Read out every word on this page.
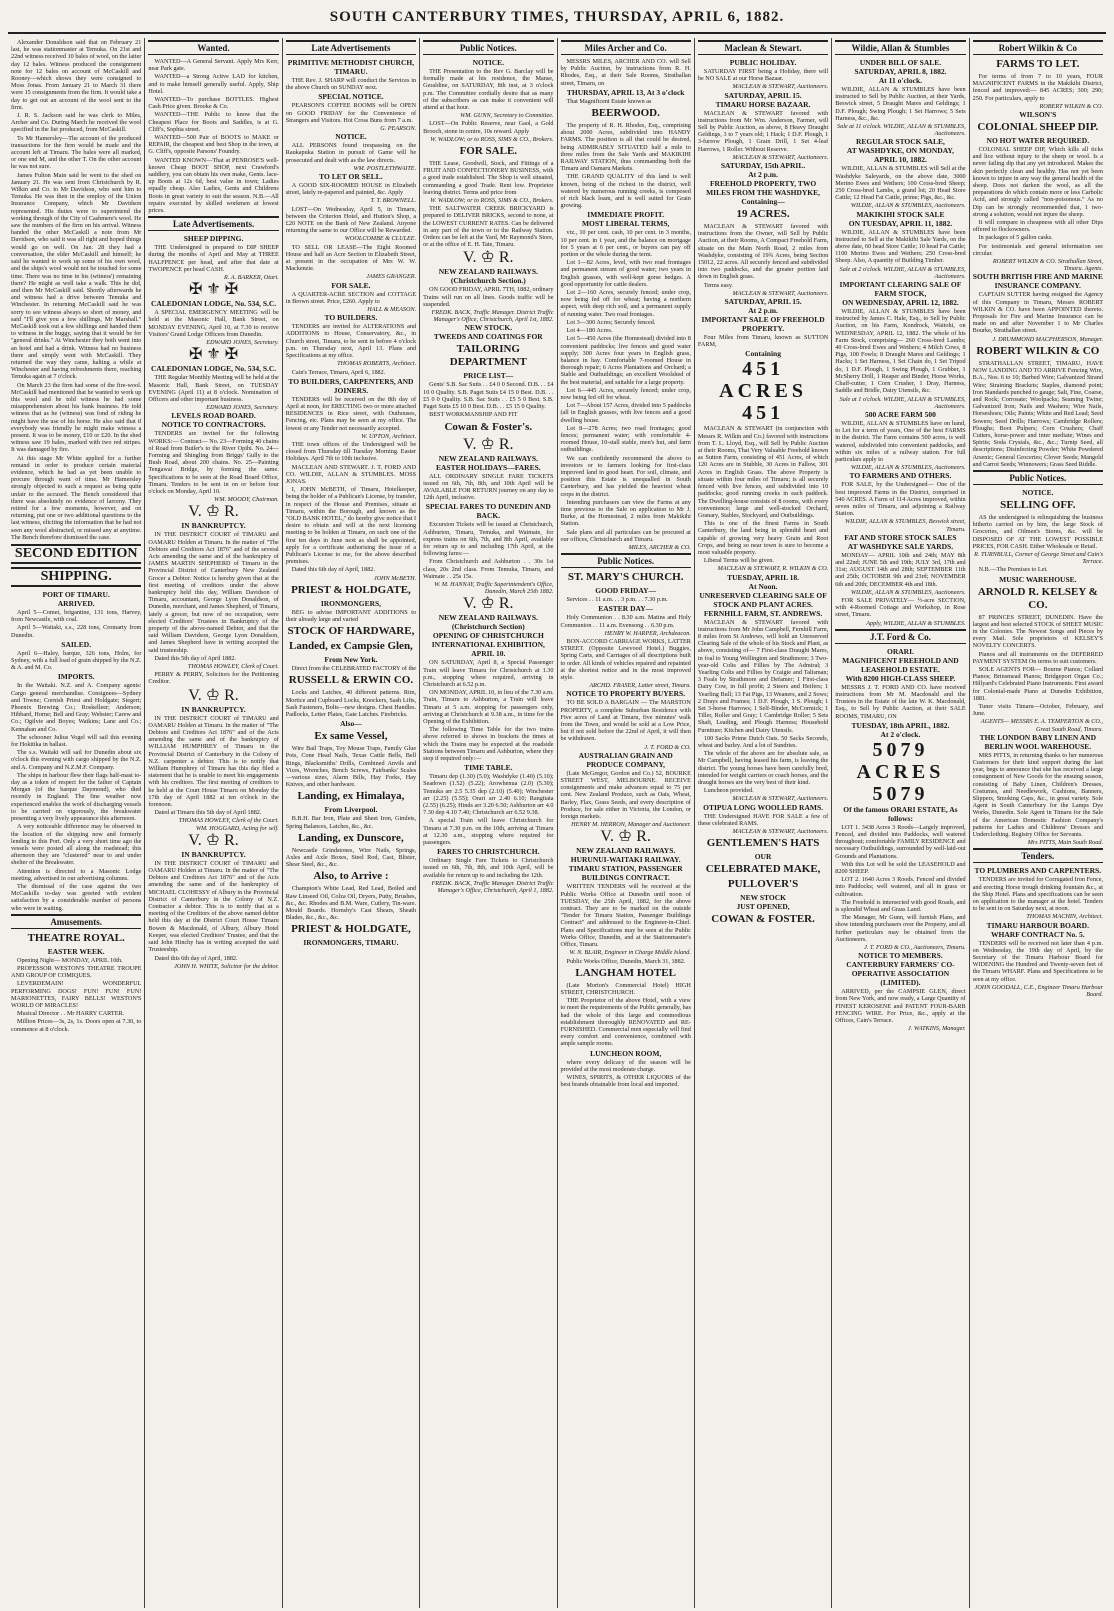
SOUTH CANTERBURY TIMES, THURSDAY, APRIL 6, 1882.
Alexander Donaldson said that on February 21 last, he was stationmaster at Temuka. On 21st and 22nd witness received 10 bales of wool, on the latter day 12 bales. Witness produced the consignment note for 12 bales on account of McCaskill and Rooney—which shows they were consigned to Moss Jonas. From January 21 to March 31 there were 15 consignments from the firm. It would take a day to get out an account of the wool sent to the firm.
J. R. S. Jackson said he was clerk to Miles, Archer and Co. During March he received the wool specified in the list produced, from McCaskill.
To Mr Hamersley—The account of the produced transactions for the firm would be made and the account left at Timaru. The bales were all marked, or one end M, and the other T. On the other account he was not sure.
James Fulton Main said he went to the shed on January 21. He was sent from Christchurch by R. Wilkin and Co. to Mr Davidson, who sent him to Temuka. He was then in the employ of the Union Insurance Company, which Mr Davidson represented. His duties were to superintend the working through of the City of Cashmere's wool. He saw the numbers of the firm on his arrival. Witness handed the other McCaskill a note from Mr Davidson, who said it was all right and hoped things would go on well. On Jan. 28 they had a conversation, the elder McCaskill and himself; he said he wanted to work up some of his own wool, and the ships's wool would not be touched for some time. There was no time in his (witness') remaining there? He might as well take a walk. This he did, and then Mr McCaskill said. Shortly afterwards he and witness had a drive between Temuka and Winchester. In returning McCaskill said he was sorry to see witness always so short of money, and said "I'll give you a few shillings, Mr Marshall." McCaskill took out a few shillings and handed them to witness in the buggy, saying that it would be for "general drinks." At Winchester they both went into an hotel and had a drink. Witness had no business there and simply went with McCaskill. They returned the way they came, halting a while at Winchester and having refreshments there, reaching Temuka again at 7 o'clock.
On March 23 the firm had some of the fire-wool. McCaskill had mentioned that he wanted to work up this wool and he told witness he had some misapprehension about his bank business. He told witness that as he (witness) was fond of riding he might have the use of his horse. He also said that if everybody was friendly he might make witness a present. It was to be money, £10 or £20. In the shed witness saw 19 bales, marked with two red stripes. It was damaged by fire.
At this stage Mr White applied for a further remand in order to produce certain material evidence, which he had as yet been unable to procure through want of time. Mr Hamersley strongly objected to such a request as being quite unfair to the accused. The Bench considered that there was absolutely no evidence of larceny. They retired for a few moments, however, and on returning, put one or two additional questions to the last witness, eliciting the information that he had not seen any wool abstracted, or missed any at anytime. The Bench therefore dismissed the case.
SECOND EDITION
SHIPPING.
PORT OF TIMARU.
ARRIVED.
April 5—Comet, brigantine, 131 tons, Harvey, from Newcastle, with coal.
April 5—Waitaki, s.s., 228 tons, Cromarty from Dunedin.
SAILED.
April 6—Haley, barque, 326 tons, Holm, for Sydney, with a full load of grain shipped by the N.Z. & A. and M. Co.
IMPORTS.
In the Waitaki. N.Z. and A. Company agents: Cargo general merchandise. Consignees—Sydney and Towne; Cornish Priest and Holdgate; Siegert; Phoenix Brewing Co.; Roskelleer; Anderson; Hibbard, Horne; Bell and Gray; Webster; Carew and Co.; Ogilvie and Boyes; Watkins; Lane and Co.; Kennahan and Co.
The schooner Julius Vogel will sail this evening for Hokitika in ballast.
The s.s. Waitaki will sail for Dunedin about six o'clock this evening with cargo shipped by the N.Z. and A. Company and N.Z.M.F. Company.
The ships in harbour flew their flags half-mast to-day as a token of respect for the father of Captain Morgan (of the barque Daymond), who died recently in England. The fine weather now experienced enables the work of discharging vessels to be carried on vigorously, the breakwater presenting a very lively appearance this afternoon.
A very noticeable difference may be observed in the location of the shipping now and formerly lending to this Port. Only a very short time ago the vessels were posted all along the roadstead; this afternoon they are "clustered" near to and under shelter of the Breakwater.
Attention is directed to a Masonic Lodge meeting, advertised in our advertising columns.
The dismissal of the case against the two McCaskills to-day was greeted with evident satisfaction by a considerable number of persons who were in waiting.
Amusements.
THEATRE ROYAL.
EASTER WEEK.
Opening Night— MONDAY, APRIL 10th.
PROFESSOR WESTON'S THEATRE TROUPE AND GROUP OF COMIQUES.
LEVERDEMAIN! WONDERFUL PERFORMING DOGS! FUN! FUN! FUN! MARIONETTES, FAIRY BELLS! WESTON'S WORLD OF MIRACLES!
Musical Director . . Mr HARRY CARTER.
Million Prices—3s, 2s, 1s. Doors open at 7.30, to commence at 8 o'clock.
Wanted.
WANTED—A General Servant. Apply Mrs Kerr, near Park gate.
WANTED—a Strong Active LAD for kitchen, and to make himself generally useful. Apply, Ship Hotel.
WANTED—To purchase BOTTLES. Highest Cash Price given. Brooke & Co.
WANTED—THE Public to know that the Cheapest Place for Boots and Saddles, is at G. Cliff's, Sophia street.
WANTED—500 Pair of BOOTS to MAKE or REPAIR, the cheapest and best Shop in the town, at G. Cliff's, opposite Parsons' Foundry.
WANTED KNOWN—That at PENROSE'S well-known Cheap BOOT SHOP, next Crawford's saddlery, you can obtain his own make, Gents. lace-up Boots at 12s 6d, best value in town; Ladies equally cheap. Also Ladies, Gents and Childrens Boots in great variety to suit the season. N.B.—All repairs executed by skilled workmen at lowest prices.
Late Advertisements.
SHEEP DIPPING.
THE Undersigned is prepared to DIP SHEEP during the months of April and May at THREE HALFPENCE per head, and after that date at TWOPENCE per head CASH.
R. A. BARKER, Otari.
✠ ⚜ ✠
CALEDONIAN LODGE, No. 534, S.C.
A SPECIAL EMERGENCY MEETING will be held at the Masonic Hall, Bank Street, on MONDAY EVENING, April 10, at 7.30 to receive Visitors' Grand Lodge Officers from Dunedin.
EDWARD JONES, Secretary.
✠ ⚜ ✠
CALEDONIAN LODGE, No. 534, S.C.
THE Regular Monthly Meeting will be held at the Masonic Hall, Bank Street, on TUESDAY EVENING (April 11) at 8 o'clock. Nomination of Officers and other important business.
EDWARD JONES, Secretary.
LEVELS ROAD BOARD.
NOTICE TO CONTRACTORS.
TENDERS are invited for the following WORKS:— Contract— No. 23—Forming 40 chains of Road from Butler's to the River Opihi. No. 24—Forming and Shingling from Briggs' Gully to the Bush Road, about 200 chains. No. 25—Painting Tengawai Bridge, by forming the same. Specifications to be seen at the Road Board Office, Timaru. Tenders to be sent in on or before four o'clock on Monday, April 10.
WM. MOODY, Chairman.
V. ♔ R.
IN BANKRUPTCY.
IN THE DISTRICT COURT of TIMARU and OAMARU Holden at Timaru. In the matter of "The Debtors and Creditors Act 1876" and of the several Acts amending the same and of the bankruptcy of JAMES MARTIN SHEPHERD of Timaru in the Provincial District of Canterbury New Zealand Grocer a Debtor. Notice is hereby given that at the first meeting of creditors under the above bankruptcy held this day, William Davidson of Timaru, accountant, George Lyon Donaldson, of Dunedin, merchant, and James Shepherd, of Timaru, lately a grocer, but now of no occupation, were elected Creditors' Trustees in Bankruptcy of the property of the above-named Debtor, and that the said William Davidson, George Lyon Donaldson, and James Shepherd have in writing accepted the said trusteeship.
Dated this 5th day of April 1882.
THOMAS HOWLEY, Clerk of Court.
PERRY & PERRY, Solicitors for the Petitioning Creditor.
V. ♔ R.
IN BANKRUPTCY.
IN THE DISTRICT COURT of TIMARU and OAMARU Holden at Timaru. In the matter of "The Debtors and Creditors Act 1876" and of the Acts amending the same and of the bankruptcy of WILLIAM HUMPHREY of Timaru in the Provincial District of Canterbury in the Colony of N.Z. carpenter a debtor. This is to notify that William Humphrey of Timaru has this day filed a statement that he is unable to meet his engagements with his creditors. The first meeting of creditors to be held at the Court House Timaru on Monday the 17th day of April 1882 at ten o'clock in the forenoon.
Dated at Timaru this 5th day of April 1882.
THOMAS HOWLEY, Clerk of the Court.
WM. HOGGARD, Acting for self.
V. ♔ R.
IN BANKRUPTCY.
IN THE DISTRICT COURT of TIMARU and OAMARU Holden at Timaru. In the matter of "The Debtors and Creditors Act 1876" and of the Acts amending the same and of the bankruptcy of MICHAEL CLOHESSY of Albury in the Provincial District of Canterbury in the Colony of N.Z. Contractor a debtor. This is to notify that at a meeting of the Creditors of the above named debtor held this day at the District Court House Timaru Bowen & Macdonald, of Albury, Albury Hotel Keeper, was elected Creditors' Trustee, and that the said John Hinchy has in writing accepted the said Trusteeship.
Dated this 6th day of April, 1882.
JOHN H. WHITE, Solicitor for the debtor.
Late Advertisements
PRIMITIVE METHODIST CHURCH, TIMARU.
THE Rev. J. SHARP will conduct the Services in the above Church on SUNDAY next.
SPECIAL NOTICE.
PEARSON'S COFFEE ROOMS will be OPEN on GOOD FRIDAY for the Convenience of Strangers and Visitors. Hot Cross Buns from 7 a.m.
G. PEARSON.
NOTICE.
ALL PERSONS found trespassing on the Raukapuka Station in pursuit of Game will be prosecuted and dealt with as the law directs.
WM. POSTLETHWAITE.
TO LET OR SELL.
A GOOD SIX-ROOMED HOUSE in Elizabeth street, lately re-papered and painted, &c. Apply
T. T. BROWNELL.
LOST—On Wednesday, April 5, in Timaru, between the Criterion Hotel, and Hutton's Shop, a £20 NOTE on the Bank of New Zealand. Anyone returning the same to our Office will be Rewarded.
WOOLCOMBE & CLULEE.
TO SELL OR LEASE—The Eight Roomed House and half an Acre Section in Elizabeth Street, at present in the occupation of Mrs W. W. Mackenzie.
JAMES GRANGER.
FOR SALE.
A QUARTER-ACRE SECTION and COTTAGE in Brown street. Price, £260. Apply to
HALL & MEASON.
TO BUILDERS.
TENDERS are invited for ALTERATIONS and ADDITIONS to House, Conservatory, &c., in Church street, Timaru, to be sent in before 4 o'clock p.m. on Thursday next, April 13. Plans and Specifications at my office.
THOMAS ROBERTS, Architect.
Cain's Terrace, Timaru, April 6, 1882.
TO BUILDERS, CARPENTERS, AND JOINERS.
TENDERS will be received on the 8th day of April at noon, for ERECTING two or more attached RESIDENCES in Rice street, with Outhouses, Fencing, etc. Plans may be seen at my office. The lowest or any Tender not necessarily accepted.
W. UPTON, Architect.
THE town offices of the Undersigned will be closed from Thursday till Tuesday Morning. Easter Holidays. April 7th to 10th inclusive.
MACLEAN AND STEWART. J. T. FORD AND CO. WILDIE, ALLAN & STUMBLES. MOSS JONAS.
I, JOHN McBETH, of Timaru, Hotelkeeper, being the holder of a Publican's License, by transfer, in respect of the House and Premises, situate at Timaru, within the Borough, and known as the "OLD BANK HOTEL," do hereby give notice that I desire to obtain and will at the next licensing meeting to be holden at Timaru, on such one of the first ten days in June next as shall be appointed, apply for a certificate authorising the issue of a Publican's License to me, for the above described premises.
Dated this 6th day of April, 1882.
JOHN McBETH.
PRIEST & HOLDGATE,
IRONMONGERS,
BEG to advise IMPORTANT ADDITIONS to their already large and varied
STOCK OF HARDWARE,
Landed, ex Campsie Glen,
From New York.
Direct from the CELEBRATED FACTORY of the
RUSSELL & ERWIN CO.
Locks and Latches, 40 different patterns. Rim, Mortice and Cupboard Locks, Knockers, Sash Lifts, Sash Fasteners, Bolts—new designs. Chest Handles. Padlocks, Letter Plates, Gate Latches. Firebricks.
Also—
Ex same Vessel,
Wire Bail Traps, Toy Mouse Traps, Family Glue Pots, Cone Head Nails, Texas Cattle Bells, Bell Rings, Blacksmiths' Drills, Combined Anvils and Vices, Wrenches, Bench Screws, Fairbanks' Scales—various sizes, Alarm Bills, Hay Forks, Hay Knives, and other hardware.
Landing, ex Himalaya,
From Liverpool.
B.B.H. Bar Iron, Plate and Sheet Iron, Gimlets, Spring Balances, Latches, &c., &c.
Landing, ex Dunscore,
Newcastle Grindstones, Wire Nails, Springs, Axles and Axle Boxes, Steel Rod, Cast, Blister, Shear Steel, &c., &c.
Also, to Arrive :
Champion's White Lead, Red Lead, Boiled and Raw Linseed Oil, Colza Oil, Dryers, Putty, Brushes, &c., &c. Rhodes and B.M. Ware, Cutlery, Tin-ware. Mould Boards. Hornsby's Cast Shears, Sheath Blades, &c., &c., &c.
PRIEST & HOLDGATE,
IRONMONGERS, TIMARU.
Public Notices.
NOTICE.
THE Presentation to the Rev G. Barclay will be formally made at his residence, the Manse, Geraldine, on SATURDAY, 8th inst, at 3 o'clock p.m. The Committee cordially desire that as many of the subscribers as can make it convenient will attend at that hour.
WM. GUNN, Secretary to Committee.
LOST—On Public Reserve, near Gaol, a Gold Brooch, stone in centre, 10s reward. Apply
W. WADLOW; or to ROSS, SIMS & CO., Brokers.
FOR SALE.
THE Lease, Goodwill, Stock, and Fittings of a FRUIT AND CONFECTIONERY BUSINESS, with a good trade established. The Shop is well situated, commanding a good Trade. Rent low. Proprietor leaving district. Terms and price from
W. WADLOW; or to ROSS, SIMS & CO., Brokers.
THE SALTWATER CREEK BRICKYARD is prepared to DELIVER BRICKS, second to none, at the LOWEST CURRENT RATES. Can be delivered in any part of the town or to the Railway Station. Orders can be left at the Yard, Mr Raymond's Store, or at the office of E. H. Tate, Timaru.
V. ♔ R.
NEW ZEALAND RAILWAYS.
(Christchurch Section.)
ON GOOD FRIDAY, APRIL 7TH, 1882, ordinary Trains will run on all lines. Goods traffic will be suspended.
FREDK. BACK, Traffic Manager. District Traffic Manager's Office, Christchurch, April 1st, 1882.
NEW STOCK.
TWEEDS AND COATINGS FOR
TAILORING DEPARTMENT
PRICE LIST—
Gents' S.B. Sac Suits . . £4 0 0 Second. D.B. . . £4 10 0 Quality. S.B. Paget Suits £4 15 0 Best. D.B. . . £5 0 0 Quality. S.B. Sac Suits . . £5 5 0 Best. S.B. Paget Suits £5 10 0 Best. D.B. . . £5 15 0 Quality.
BEST WORKMANSHIP AND FIT
Cowan & Foster's.
V. ♔ R.
NEW ZEALAND RAILWAYS.
EASTER HOLIDAYS—FARES.
ALL ORDINARY SINGLE FARE TICKETS issued on 6th, 7th, 8th, and 10th April will be AVAILABLE FOR RETURN journey on any day to 12th April, inclusive.
SPECIAL FARES TO DUNEDIN AND BACK.
Excursion Tickets will be issued at Christchurch, Ashburton, Timaru, Temuka, and Waimate, for express trains on 6th, 7th, and 8th April, available for return up to and including 17th April, at the following fares:—
From Christchurch and Ashburton . . 30s 1st class, 20s 2nd class. From Temuka, Timaru, and Waimate . . 25s 15s.
W. M. HANNAY, Traffic Superintendent's Office, Dunedin, March 25th 1882.
V. ♔ R.
NEW ZEALAND RAILWAYS.
(Christchurch Section)
OPENING OF CHRISTCHURCH INTERNATIONAL EXHIBITION, APRIL 10.
ON SATURDAY, April 8, a Special Passenger Train will leave Timaru for Christchurch at 1.30 p.m., stopping where required, arriving in Christchurch at 6.52 p.m.
ON MONDAY, APRIL 10, in lieu of the 7.30 a.m. Train, Timaru to Ashburton, a Train will leave Timaru at 5 a.m. stopping for passengers only, arriving at Christchurch at 9.38 a.m., in time for the Opening of the Exhibition.
The following Time Table for the two trains above referred to shows in brackets the times at which the Trains may be expected at the roadside Stations between Timaru and Ashburton, where they stop if required only:—
TIME TABLE.
Timaru dep (1.30) (5.0); Washdyke (1.40) (5.10); Seadown (1.52) (5.22); Arowhenua (2.0) (5.30); Temuka arr 2.5 5.35 dep (2.10) (5.40); Winchester arr (2.25) (5.55); Orari arr 2.40 6.10; Rangitata (2.55) (6.25); Hinds arr 3.20 6.50; Ashburton arr 4.0 7.30 dep 4.10 7.40; Christchurch arr 6.52 9.38.
A special Train will leave Christchurch for Timaru at 7.30 p.m. on the 10th, arriving at Timaru at 12.30 a.m., stopping where required for passengers.
FARES TO CHRISTCHURCH.
Ordinary Single Fare Tickets to Christchurch issued on 6th, 7th, 8th, and 10th April, will be available for return up to and including the 12th.
FREDK. BACK, Traffic Manager. District Traffic Manager's Office, Christchurch, April 1, 1882.
Miles Archer and Co.
MESSRS MILES, ARCHER AND CO. will Sell by Public Auction, by instructions from R. H. Rhodes, Esq., at their Sale Rooms, Strathallan street, Timaru, on
THURSDAY, APRIL 13, At 3 o'clock
That Magnificent Estate known as
BEERWOOD.
The property of R. H. Rhodes, Esq., comprising about 2000 Acres, subdivided into HANDY FARMS. The position is all that could be desired, being ADMIRABLY SITUATED half a mile to three miles from the Sale Yards and MAKIKIHI RAILWAY STATION, thus commanding both the Timaru and Oamaru Markets.
THE GRAND QUALITY of this land is well known, being of the richest in the district, well watered by numerous running creeks, is composed of rich black loam, and is well suited for Grain growing.
IMMEDIATE PROFIT.
MOST LIBERAL TERMS,
viz., 10 per cent. cash, 10 per cent. in 3 months, 10 per cent. in 1 year, and the balance on mortgage for 5 years at 6 per cent., or buyers can pay off portion or the whole during the term.
Lot 1—82 Acres, level, with two road frontages and permanent stream of good water; two years in English grasses, with well-kept gorse hedges. A good opportunity for cattle dealers.
Lot 2—160 Acres, securely fenced; under crop, now being fed off for wheat; having a northern aspect, with deep rich soil, and a permanent supply of running water. Two road frontages.
Lot 3—300 Acres; Securely fenced.
Lot 4—180 Acres.
Lot 5—450 Acres (the Homestead) divided into 8 convenient paddocks; live fences and good water supply; 300 Acres four years in English grass, balance in hay. Comfortable 7-roomed House in thorough repair; 6 Acres Plantations and Orchard; a Stable and Outbuildings; an excellent Woolshed of the best material, and suitable for a large property.
Lot 6—445 Acres, securely fenced; under crop, now being fed off for wheat.
Lot 7—About 157 Acres, divided into 5 paddocks (all in English grasses, with live fences and a good dwelling house.
Lot 8—278 Acres; two road frontages; good fences; permanent water; with comfortable 4-roomed House, 10-stall stable, men's hut, and farm outbuildings.
We can confidently recommend the above to investors or to farmers looking for first-class improved land in good heart. For soil, climate, and position this Estate is unequalled in South Canterbury, and has yielded the heaviest wheat crops in the district.
Intending purchasers can view the Farms at any time previous to the Sale on application to Mr J. Burke, at the Homestead, 2 miles from Makikihi Station.
Sale plans and all particulars can be procured at our offices, Christchurch and Timaru.
MILES, ARCHER & CO.
Public Notices.
ST. MARY'S CHURCH.
GOOD FRIDAY—
Services . . 11 a.m. . . 3 p.m. . . 7.30 p.m.
EASTER DAY—
Holy Communion . . 8.30 a.m. Matins and Holy Communion . . 11 a.m. Evensong . . 6.30 p.m.
HENRY W. HARPER, Archdeacon.
BON-ACCORD CARRIAGE WORKS, LATTER STREET. (Opposite Lewvood Hotel.) Buggies, Spring Carts, and Carriages of all descriptions built to order. All kinds of vehicles repaired and repainted at the shortest notice and in the most improved style.
ARCHD. FRASER, Latter street, Timaru.
NOTICE TO PROPERTY BUYERS.
TO BE SOLD A BARGAIN — The MARSTON PROPERTY, a complete Suburban Residence with Five acres of Land at Timaru, five minutes' walk from the Town, and would be sold at a Low Price, but if not sold before the 22nd of April, it will then be withdrawn.
J. T. FORD & CO.
AUSTRALIAN GRAIN AND PRODUCE COMPANY,
(Late McGregor, Gordon and Co.) 52, BOURKE STREET WEST, MELBOURNE. RECEIVE consignments and make advances equal to 75 per cent. New Zealand Produce, such as Oats, Wheat, Barley, Flax, Grass Seeds, and every description of Produce, for sale either in Victoria, the London, or foreign markets.
HENRY M. HERRON, Manager and Auctioneer.
V. ♔ R.
NEW ZEALAND RAILWAYS.
HURUNUI-WAITAKI RAILWAY.
TIMARU STATION, PASSENGER BUILDINGS CONTRACT.
WRITTEN TENDERS will be received at the Public Works Office at Dunedin until noon of TUESDAY, the 25th April, 1882, for the above contract. They are to be marked on the outside "Tender for Timaru Station, Passenger Buildings Contract" and addressed to the Engineer-in-Chief. Plans and Specifications may be seen at the Public Works Office, Dunedin, and at the Stationmaster's Office, Timaru.
W. N. BLAIR, Engineer in Charge Middle Island.
Public Works Office, Dunedin, March 31, 1882.
LANGHAM HOTEL
(Late Morton's Commercial Hotel) HIGH STREET, CHRISTCHURCH.
THE Proprietor of the above Hotel, with a view to meet the requirements of the Public generally, has had the whole of this large and commodious establishment thoroughly RENOVATED and RE-FURNISHED. Commercial men especially will find every comfort and convenience, combined with ample sample rooms.
LUNCHEON ROOM,
where every delicacy of the season will be provided at the most moderate charge.
WINES, SPIRITS, & OTHER LIQUORS of the best brands obtainable from local and imported.
Maclean & Stewart.
PUBLIC HOLIDAY.
SATURDAY FIRST being a Holiday, there will be NO SALE at our Horse Bazaar.
MACLEAN & STEWART, Auctioneers.
SATURDAY, APRIL 15.
TIMARU HORSE BAZAAR.
MACLEAN & STEWART favored with instructions from Mr Wm. Anderson, Farmer, will Sell by Public Auction, as above, 8 Heavy Draught Geldings, 3 to 7 years old; 1 Hack; 1 D.F. Plough, 1 3-furrow Plough, 1 Grain Drill, 1 Set 4-leaf Harrows, 1 Roller. Without Reserve.
MACLEAN & STEWART, Auctioneers.
SATURDAY, 15th APRIL.
At 2 p.m.
FREEHOLD PROPERTY, TWO MILES FROM THE WASHDYKE,
Containing—
19 ACRES.
MACLEAN & STEWART favored with instructions from the Owner, will Sell by Public Auction, at their Rooms, A Compact Freehold Farm, situate on the Main North Road, 2 miles from Washdyke, consisting of 19¾ Acres, being Section 15012, 22 acres. All securely fenced and subdivided into two paddocks, and the greater portion laid down in English grass.
Terms easy.
MACLEAN & STEWART, Auctioneers.
SATURDAY, APRIL 15.
At 2 p.m.
IMPORTANT SALE OF FREEHOLD PROPERTY.
Four Miles from Timaru, known as SUTTON FARM,
Containing
451 ACRES 451
MACLEAN & STEWART (in conjunction with Messrs R. Wilkin and Co.) favored with instructions from T. L. Lloyd, Esq., will Sell by Public Auction at their Rooms, That Very Valuable Freehold known as Sutton Farm, consisting of 451 Acres, of which 120 Acres are in Stubble, 30 Acres in Fallow, 301 Acres in English Grass. The above Property is situate within four miles of Timaru; is all securely fenced with live fences, and subdivided into 10 paddocks; good running creeks in each paddock. The Dwelling-house consists of 8 rooms, with every convenience; large and well-stocked Orchard, Granary, Stables, Stockyard, and Outbuildings.
This is one of the finest Farms in South Canterbury, the land being in splendid heart and capable of growing very heavy Grain and Root Crops, and being so near town is sure to become a most valuable property.
Liberal Terms will be given.
MACLEAN & STEWART, R. WILKIN & CO.
TUESDAY, APRIL 18.
At Noon.
UNRESERVED CLEARING SALE OF STOCK AND PLANT ACRES.
FERNHILL FARM, ST. ANDREWS.
MACLEAN & STEWART favored with instructions from Mr John Campbell, Fernhill Farm, 8 miles from St Andrews, will hold an Unreserved Clearing Sale of the whole of his Stock and Plant, as above, consisting of— 7 First-class Draught Mares, in foal to Young Wellington and Strathmore; 3 Two-year-old Colts and Fillies by The Admiral; 3 Yearling Colts and Fillies by Craigie and Talisman; 3 Foals by Strathmore and Defamer; 1 First-class Dairy Cow, in full profit; 2 Steers and Heifers; 1 Yearling Bull; 13 Fat Pigs, 13 Weaners, and 2 Sows; 2 Drays and Frames; 1 D.F. Plough, 1 S. Plough; 1 Set 3-horse Harrows; 1 Self-Binder, McCormick; 1 Tiller, Roller and Gray; 1 Cambridge Roller; 5 Sets Shaft, Leading, and Plough Harness; Household Furniture; Kitchen and Dairy Utensils.
100 Sacks Prime Dutch Oats. 50 Sacks Seconds, wheat and barley. And a lot of Sundries.
The whole of the above are for absolute sale, as Mr Campbell, having leased his farm, is leaving the district. The young horses have been carefully bred, intended for weight carriers or coach horses, and the draught horses are the very best of their kind.
Luncheon provided.
MACLEAN & STEWART, Auctioneers.
OTIPUA LONG WOOLLED RAMS.
THE Undersigned HAVE FOR SALE a few of these celebrated RAMS.
MACLEAN & STEWART, Auctioneers.
GENTLEMEN'S HATS
OUR
CELEBRATED MAKE,
PULLOVER'S
NEW STOCK
JUST OPENED,
COWAN & FOSTER.
Wildie, Allan & Stumbles
UNDER BILL OF SALE.
SATURDAY, APRIL 8, 1882.
At 11 o'clock.
WILDIE, ALLAN & STUMBLES have been instructed to Sell by Public Auction, at their Yards, Beswick street, 5 Draught Mares and Geldings; 1 D.F. Plough; Swing Plough; 1 Set Harrows; 5 Sets Harness, &c., &c.
Sale at 11 o'clock. WILDIE, ALLAN & STUMBLES, Auctioneers.
REGULAR STOCK SALE,
AT WASHDYKE, ON MONDAY, APRIL 10, 1882.
WILDIE, ALLAN & STUMBLES will Sell at the Washdyke Saleyards, on the above date, 3000 Merino Ewes and Wethers; 100 Cross-bred Sheep; 250 Cross-bred Lambs, a grand lot; 20 Head Store Cattle; 12 Head Fat Cattle, prime; Pigs, &c., &c.
WILDIE, ALLAN & STUMBLES, Auctioneers.
MAKIKIHI STOCK SALE
ON TUESDAY, APRIL 11, 1882.
WILDIE, ALLAN & STUMBLES have been instructed to Sell at the Makikihi Sale Yards, on the above date, 60 head Store Cattle; 10 head Fat Cattle; 1100 Merino Ewes and Wethers; 250 Cross-bred Sheep. Also, A quantity of Building Timber.
Sale at 2 o'clock. WILDIE, ALLAN & STUMBLES, Auctioneers.
IMPORTANT CLEARING SALE OF FARM STOCK,
ON WEDNESDAY, APRIL 12, 1882.
WILDIE, ALLAN & STUMBLES have been instructed by James C. Hale, Esq., to Sell by Public Auction, on his Farm, Kondrock, Waitohi, on WEDNESDAY, APRIL 12, 1882. The whole of his Farm Stock, comprising— 260 Cross-bred Lambs; 40 Cross-bred Ewes and Wethers; 4 Milch Cows, 8 Pigs, 100 Fowls; 8 Draught Mares and Geldings; 1 Hacks; 1 Set Harness, 1 Set Chain do, 1 Set Tripod do, 1 D.F. Plough, 1 Swing Plough, 1 Grubber, 1 McSherry Drill, 1 Reaper and Binder, Horse Works, Chaff-cutter, 1 Corn Crusher, 1 Dray, Harness, Saddle and Bridle, Dairy Utensils, &c.
Sale at 1 o'clock. WILDIE, ALLAN & STUMBLES, Auctioneers.
500 ACRE FARM 500
WILDIE, ALLAN & STUMBLES have on hand, to Let for a term of years, One of the best FARMS in the district. The Farm contains 500 acres, is well watered, subdivided into convenient paddocks, and within six miles of a railway station. For full particulars apply to
WILDIE, ALLAN & STUMBLES, Auctioneers.
TO FARMERS AND OTHERS.
FOR SALE, by the Undersigned— One of the best improved Farms in the District, comprised in 540 ACRES. A Farm of 114 Acres improved, within seven miles of Timaru, and adjoining a Railway Station.
WILDIE, ALLAN & STUMBLES, Beswick street, Timaru.
FAT AND STORE STOCK SALES
AT WASHDYKE SALE YARDS.
MONDAY— APRIL 10th and 24th; MAY 8th and 22nd; JUNE 5th and 19th; JULY 3rd, 17th and 31st; AUGUST 14th and 28th; SEPTEMBER 11th and 25th; OCTOBER 9th and 23rd; NOVEMBER 6th and 20th; DECEMBER 4th and 18th.
WILDIE, ALLAN & STUMBLES, Auctioneers.
FOR SALE PRIVATELY— ½-acre SECTION, with 4-Roomed Cottage and Workshop, in Rose street, Timaru.
Apply, WILDIE, ALLAN & STUMBLES.
J.T. Ford & Co.
ORARI.
MAGNIFICENT FREEHOLD AND LEASEHOLD ESTATE.
With 8200 HIGH-CLASS SHEEP.
MESSRS J. T. FORD AND CO. have received instructions from Mr M. Macdonald and the Trustees in the Estate of the late W. K. Macdonald, Esq., to Sell by Public Auction, at their SALE ROOMS, TIMARU, ON
TUESDAY, 18th APRIL, 1882.
At 2 o'clock.
5079 ACRES 5079
Of the famous ORARI ESTATE, As follows:
LOT 1. 3438 Acres 3 Roods—Largely improved, Fenced, and divided into Paddocks, well watered throughout; comfortable FAMILY RESIDENCE and necessary Outbuildings, surrounded by well-laid-out Grounds and Plantations.
With this Lot will be sold the LEASEHOLD and 8200 SHEEP.
LOT 2. 1640 Acres 3 Roods. Fenced and divided into Paddocks; well watered, and all in grass or cultivation.
The Freehold is intersected with good Roads, and is splendid Wheat and Grass Land.
The Manager, Mr Gunn, will furnish Plans, and show intending purchasers over the Property, and all further particulars may be obtained from the Auctioneers.
J. T. FORD & CO., Auctioneers, Timaru.
NOTICE TO MEMBERS.
CANTERBURY FARMERS' CO-OPERATIVE ASSOCIATION (LIMITED).
ARRIVED, per the CAMPSIE GLEN, direct from New York, and now ready, a Large Quantity of FINEST KEROSENE and PATENT FOUR-BARB FENCING WIRE. For Price, &c., apply at the Offices, Cain's Terrace.
J. WATKINS, Manager.
Robert Wilkin & Co
FARMS TO LET.
For terms of from 7 to 10 years, FOUR MAGNIFICENT FARMS in the Makikihi District, fenced and improved:— 845 ACRES; 300; 290; 250. For particulars, apply to
ROBERT WILKIN & CO.
WILSON'S
COLONIAL SHEEP DIP.
NO HOT WATER REQUIRED.
COLONIAL SHEEP DIP, Which kills all ticks and lice without injury to the sheep or wool. Is a never failing dip that any yet introduced. Makes the skin perfectly clean and healthy. Has not yet been known to injure in any way the general health of the sheep. Does not darken the wool, as all the preparations do which contain more or less Carbolic Acid, and strongly called "non-poisonous." As no Dip can be strongly recommended that, 1 two-strong a solution, would not injure the sheep.
It will compare in cheapness with all other Dips offered to flockowners.
In packages of 5 gallon casks.
For testimonials and general information see circular.
ROBERT WILKIN & CO. Strathallan Street, Timaru. Agents.
SOUTH BRITISH FIRE AND MARINE INSURANCE COMPANY.
CAPTAIN SUTTER having resigned the Agency of this Company in Timaru, Messrs ROBERT WILKIN & CO. have been APPOINTED thereto. Proposals for Fire and Marine Insurance can be made on and after November 1 to Mr Charles Bourke, Strathallan street.
J. DRUMMOND MACPHERSON, Manager.
ROBERT WILKIN & CO
STRATHALLAN STREET, TIMARU, HAVE NOW LANDING AND TO ARRIVE Fencing Wire, B.A., Nos. 6 to 10; Barbed Wire; Galvanized Strand Wire; Straining Brackets; Staples, diamond point; Iron Standards punched to gauge; Salt, Fine, Coarse, and Rock; Corrosate; Woolpacks; Seaming Twine; Galvanized Iron; Nails and Washers; Wire Nails, Horseshoes; Oils; Paints; White and Red Lead; Seed Sowers; Seed Drills; Harrows; Cambridge Rollers; Ploughs; Boot Pulpers; Corn Crushers; Chaff Cutters, horse-power and inter mediate; Wines and Spirits; Soda Crystals, &c., &c.; Turnip Seed, all descriptions; Disinfecting Powder; White Powdered Arsenic; General Groceries; Clover Seeds; Mangold and Carrot Seeds; Winnowers; Grass Seed Riddle.
Public Notices.
NOTICE.
SELLING OFF.
AS the undersigned is relinquishing the business hitherto carried on by him, the large Stock of Groceries, and Oilmen's Stores, &c. will be DISPOSED OF AT THE LOWEST POSSIBLE PRICES, FOR CASH. Either Wholesale or Retail.
R. TURNBULL, Corner of George Street and Cain's Terrace.
N.B.—The Premises to Let.
MUSIC WAREHOUSE.
ARNOLD R. KELSEY & CO.
87 PRINCES STREET, DUNEDIN. Have the largest and best selected STOCK of SHEET MUSIC in the Colonies. The Newest Songs and Pieces by every Mail. Sole proprietors of KELSEY'S NOVELTY CONCERTS.
Pianos and all instruments on the DEFERRED PAYMENT SYSTEM On terms to suit customers.
SOLE AGENTS FOR— Bourne Pianos; Collard Pianos; Brinsmead Pianos; Bridgeport Organ Co.; Hillyard's Celebrated Piano Instruments. First award for Colonial-made Piano at Dunedin Exhibition, 1881.
Tuner visits Timaru—October, February, and June.
AGENTS— MESSRS E. A. TEMPERTON & CO., Great South Road, Timaru.
THE LONDON BABY LINEN AND BERLIN WOOL WAREHOUSE.
MRS PITTS, in returning thanks to her numerous Customers for their kind support during the last year, begs to announce that she has received a large consignment of New Goods for the ensuing season, consisting of Baby Linen, Children's Dresses, Costumes, and Needlework, Cushions, Banners, Slippers, Smoking Caps, &c., in great variety. Sole Agent in South Canterbury for the Lamps Dye Works, Dunedin. Sole Agent in Timaru for the Sale of the American Domestic Fashion Company's patterns for Ladies and Childrens' Dresses and Underclothing. Registry Office for Servants.
Mrs PITTS, Main South Road.
Tenders.
TO PLUMBERS AND CARPENTERS.
TENDERS are invited for Corrugated Iron Fence, and erecting Horse trough drinking fountain &c., at the Ship Hotel. Plans and specifications can be seen on application to the manager at the hotel. Tenders to be sent in on Saturday next, at noon.
THOMAS MACHIN, Architect.
TIMARU HARBOUR BOARD.
WHARF CONTRACT No. 5.
TENDERS will be received not later than 4 p.m. on Wednesday, the 19th day of April, by the Secretary of the Timaru Harbour Board for WIDENING the Hundred and Twenty-seven feet of the Timaru WHARF. Plans and Specifications to be seen at my office.
JOHN GOODALL, C.E., Engineer Timaru Harbour Board.
